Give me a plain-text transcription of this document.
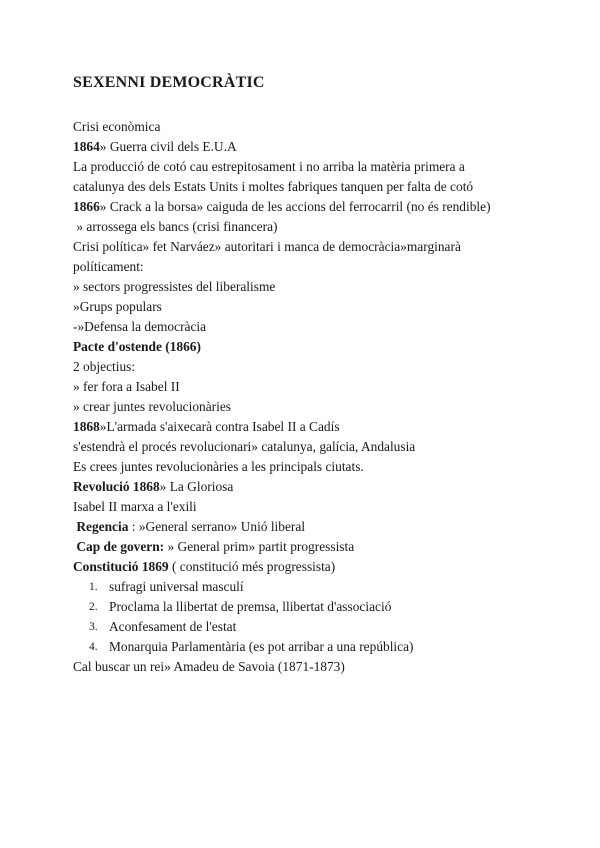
SEXENNI DEMOCRÀTIC
Crisi econòmica
1864» Guerra civil dels E.U.A
La producció de cotó cau estrepitosament i no arriba la matèria primera a
catalunya des dels Estats Units i moltes fabriques tanquen per falta de cotó
1866» Crack a la borsa» caiguda de les accions del ferrocarril (no és rendible)
» arrossega els bancs (crisi financera)
Crisi política» fet Narváez» autoritari i manca de democràcia»marginarà
políticament:
» sectors progressistes del liberalisme
»Grups populars
-»Defensa la democràcia
Pacte d'ostende (1866)
2 objectius:
» fer fora a Isabel II
» crear juntes revolucionàries
1868»L'armada s'aixecarà contra Isabel II a Cadís
s'estendrà el procés revolucionari» catalunya, galícia, Andalusia
Es crees juntes revolucionàries a les principals ciutats.
Revolució 1868» La Gloriosa
Isabel II marxa a l'exili
Regencia : »General serrano» Unió liberal
Cap de govern: » General prim» partit progressista
Constitució 1869 ( constitució més progressista)
1. sufragi universal masculí
2. Proclama la llibertat de premsa, llibertat d'associació
3. Aconfesament de l'estat
4. Monarquia Parlamentària (es pot arribar a una república)
Cal buscar un rei» Amadeu de Savoia (1871-1873)
